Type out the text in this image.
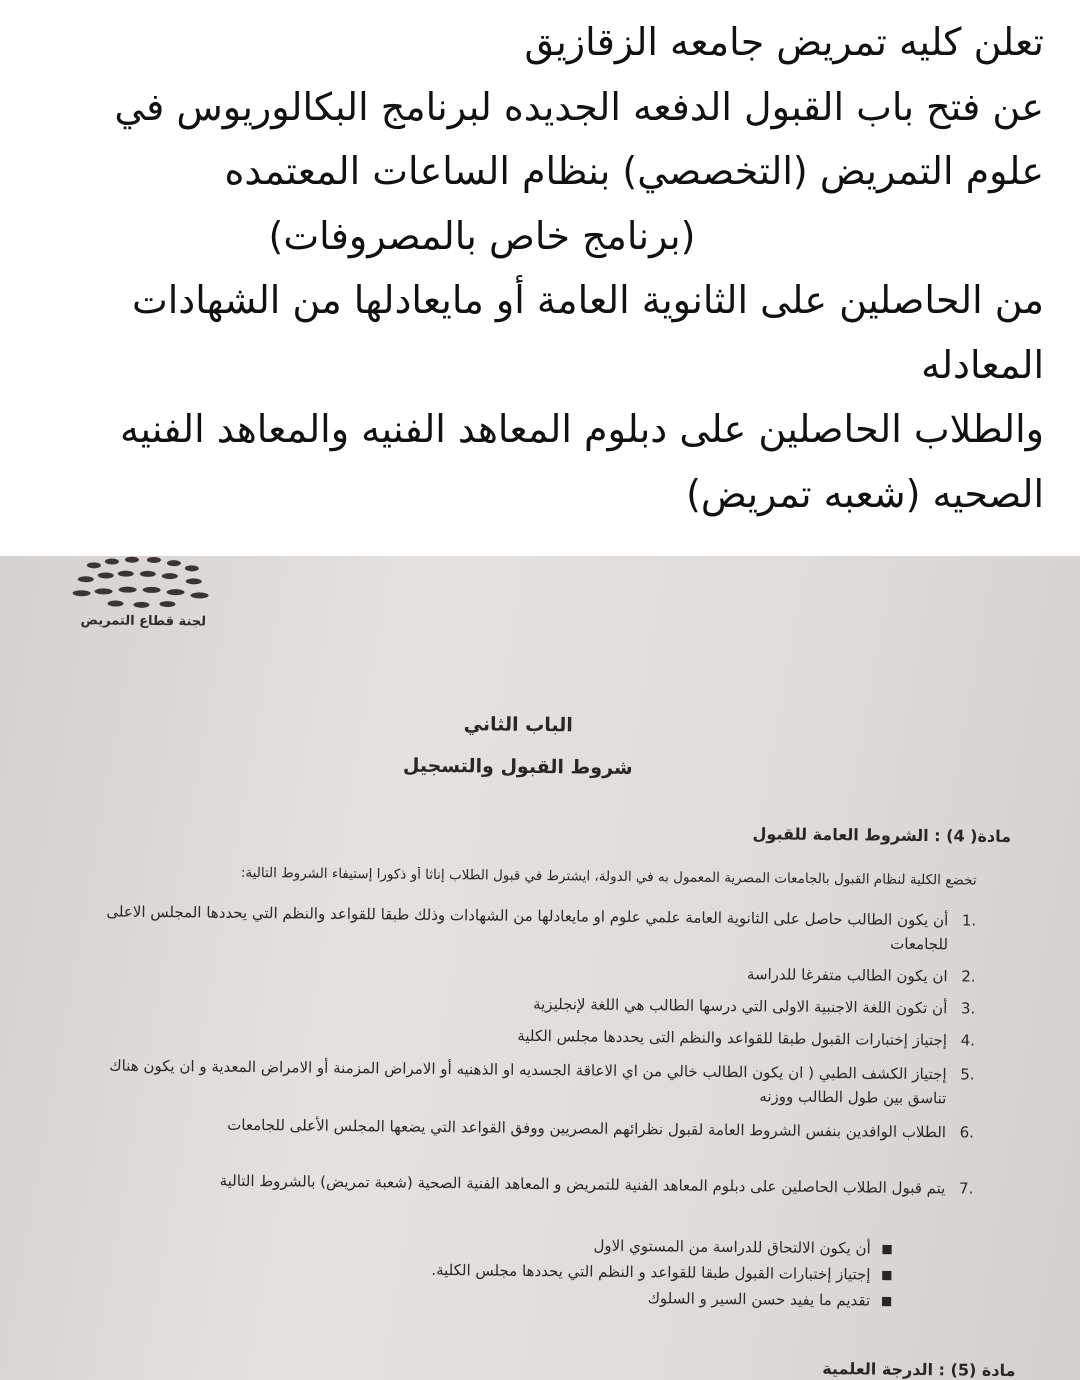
تعلن كليه تمريض جامعه الزقازيق
عن فتح باب القبول الدفعه الجديده لبرنامج البكالوريوس في
علوم التمريض (التخصصي) بنظام الساعات المعتمده
(برنامج خاص بالمصروفات)
من الحاصلين على الثانوية العامة أو مايعادلها من الشهادات
المعادله
والطلاب الحاصلين على دبلوم المعاهد الفنيه والمعاهد الفنيه
الصحيه (شعبه تمريض)
لجنة قطاع التمريض
الباب الثاني
شروط القبول والتسجيل
مادة( 4) : الشروط العامة للقبول
تخضع الكلية لنظام القبول بالجامعات المصرية المعمول به في الدولة، ايشترط في قبول الطلاب إناثا أو ذكورا إستيفاء الشروط التالية:
.1
أن يكون الطالب حاصل على الثانوية العامة علمي علوم او مايعادلها من الشهادات وذلك طبقا للقواعد والنظم التي يحددها المجلس الاعلى للجامعات
.2
ان يكون الطالب متفرغا للدراسة
.3
أن تكون اللغة الاجنبية الاولى التي درسها الطالب هي اللغة لإنجليزية
.4
إجتياز إختبارات القبول طبقا للقواعد والنظم التى يحددها مجلس الكلية
.5
إجتياز الكشف الطبي ( ان يكون الطالب خالي من اي الاعاقة الجسديه او الذهنيه أو الامراض المزمنة أو الامراض المعدية و ان يكون هناك تناسق بين طول الطالب ووزنه
.6
الطلاب الوافدين بنفس الشروط العامة لقبول نظرائهم المصريين ووفق القواعد التي يضعها المجلس الأعلى للجامعات
.7
يتم قبول الطلاب الحاصلين على دبلوم المعاهد الفنية للتمريض و المعاهد الفنية الصحية (شعبة تمريض) بالشروط التالية
■
أن يكون الالتحاق للدراسة من المستوي الاول
■
إجتياز إختبارات القبول طبقا للقواعد و النظم التي يحددها مجلس الكلية.
■
تقديم ما يفيد حسن السير و السلوك
مادة (5) : الدرجة العلمية
